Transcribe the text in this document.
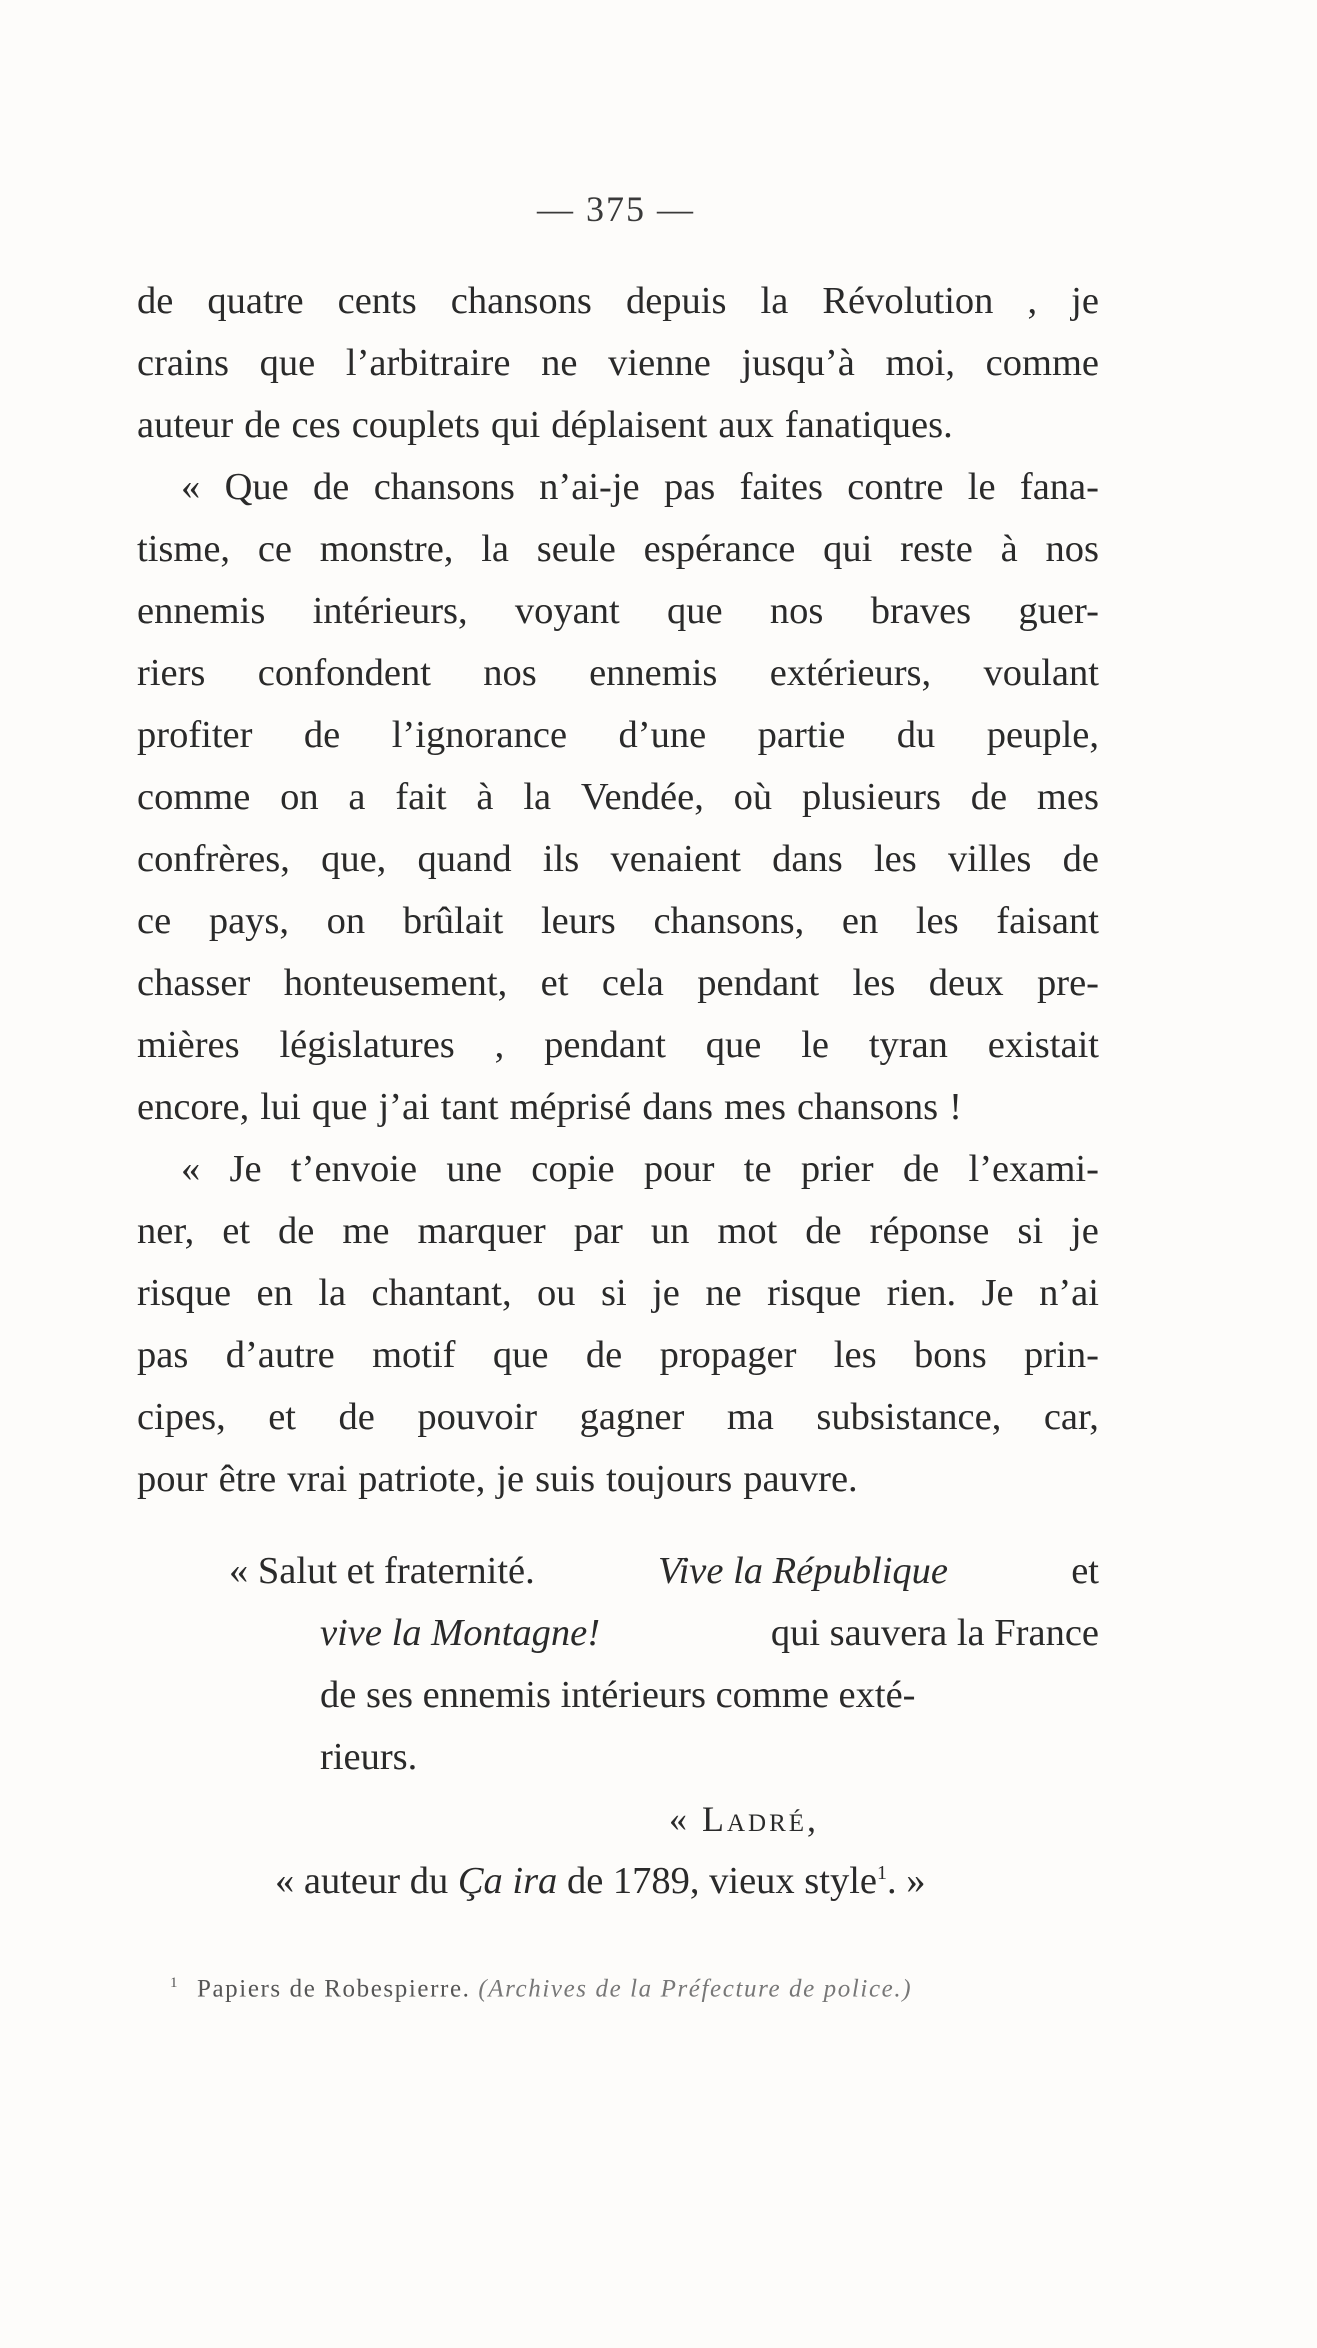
— 375 —
de quatre cents chansons depuis la Révolution , je
crains que l’arbitraire ne vienne jusqu’à moi, comme
auteur de ces couplets qui déplaisent aux fanatiques.
« Que de chansons n’ai-je pas faites contre le fana-
tisme, ce monstre, la seule espérance qui reste à nos
ennemis intérieurs, voyant que nos braves guer-
riers confondent nos ennemis extérieurs, voulant
profiter de l’ignorance d’une partie du peuple,
comme on a fait à la Vendée, où plusieurs de mes
confrères, que, quand ils venaient dans les villes de
ce pays, on brûlait leurs chansons, en les faisant
chasser honteusement, et cela pendant les deux pre-
mières législatures , pendant que le tyran existait
encore, lui que j’ai tant méprisé dans mes chansons !
« Je t’envoie une copie pour te prier de l’exami-
ner, et de me marquer par un mot de réponse si je
risque en la chantant, ou si je ne risque rien. Je n’ai
pas d’autre motif que de propager les bons prin-
cipes, et de pouvoir gagner ma subsistance, car,
pour être vrai patriote, je suis toujours pauvre.
« Salut et fraternité.	Vive la République	et
vive la Montagne!	qui sauvera la France
de ses ennemis intérieurs comme exté-
rieurs.
« Ladré,
« auteur du Ça ira de 1789, vieux style$^1$. »
$^1$ Papiers de Robespierre. (Archives de la Préfecture de police.)
